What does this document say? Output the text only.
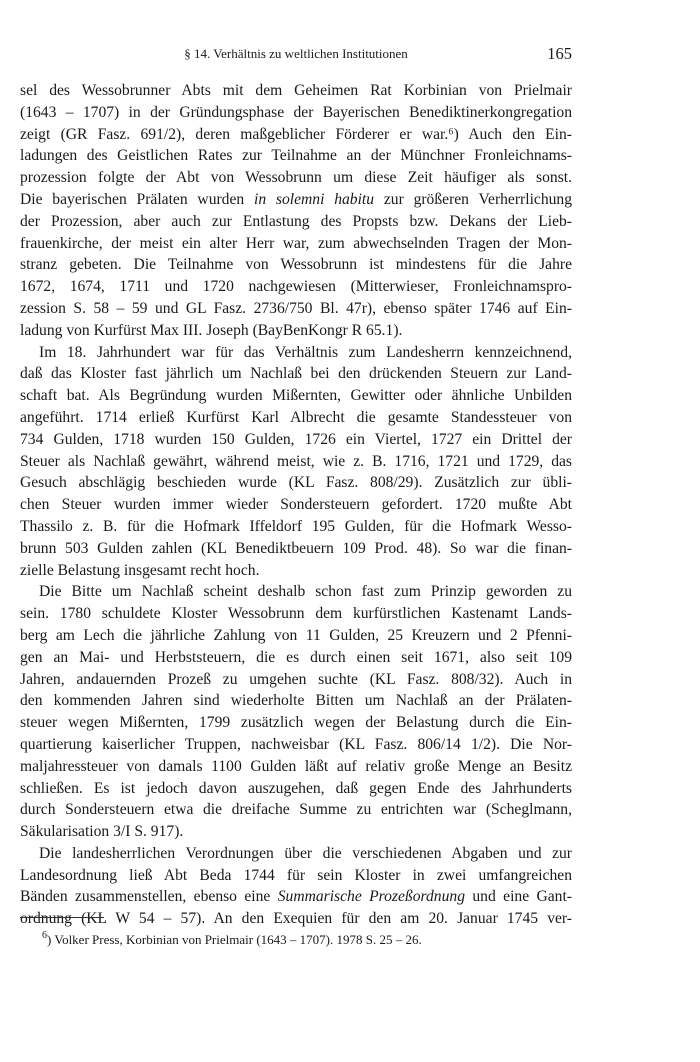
§ 14. Verhältnis zu weltlichen Institutionen	165
sel des Wessobrunner Abts mit dem Geheimen Rat Korbinian von Prielmair
(1643 – 1707) in der Gründungsphase der Bayerischen Benediktinerkongregation
zeigt (GR Fasz. 691/2), deren maßgeblicher Förderer er war.⁶) Auch den Ein-
ladungen des Geistlichen Rates zur Teilnahme an der Münchner Fronleichnams-
prozession folgte der Abt von Wessobrunn um diese Zeit häufiger als sonst.
Die bayerischen Prälaten wurden in solemni habitu zur größeren Verherrlichung
der Prozession, aber auch zur Entlastung des Propsts bzw. Dekans der Lieb-
frauenkirche, der meist ein alter Herr war, zum abwechselnden Tragen der Mon-
stranz gebeten. Die Teilnahme von Wessobrunn ist mindestens für die Jahre
1672, 1674, 1711 und 1720 nachgewiesen (Mitterwieser, Fronleichnamspro-
zession S. 58 – 59 und GL Fasz. 2736/750 Bl. 47r), ebenso später 1746 auf Ein-
ladung von Kurfürst Max III. Joseph (BayBenKongr R 65.1).
Im 18. Jahrhundert war für das Verhältnis zum Landesherrn kennzeichnend,
daß das Kloster fast jährlich um Nachlaß bei den drückenden Steuern zur Land-
schaft bat. Als Begründung wurden Mißernten, Gewitter oder ähnliche Unbilden
angeführt. 1714 erließ Kurfürst Karl Albrecht die gesamte Standessteuer von
734 Gulden, 1718 wurden 150 Gulden, 1726 ein Viertel, 1727 ein Drittel der
Steuer als Nachlaß gewährt, während meist, wie z. B. 1716, 1721 und 1729, das
Gesuch abschlägig beschieden wurde (KL Fasz. 808/29). Zusätzlich zur übli-
chen Steuer wurden immer wieder Sondersteuern gefordert. 1720 mußte Abt
Thassilo z. B. für die Hofmark Iffeldorf 195 Gulden, für die Hofmark Wesso-
brunn 503 Gulden zahlen (KL Benediktbeuern 109 Prod. 48). So war die finan-
zielle Belastung insgesamt recht hoch.
Die Bitte um Nachlaß scheint deshalb schon fast zum Prinzip geworden zu
sein. 1780 schuldete Kloster Wessobrunn dem kurfürstlichen Kastenamt Lands-
berg am Lech die jährliche Zahlung von 11 Gulden, 25 Kreuzern und 2 Pfenni-
gen an Mai- und Herbststeuern, die es durch einen seit 1671, also seit 109
Jahren, andauernden Prozeß zu umgehen suchte (KL Fasz. 808/32). Auch in
den kommenden Jahren sind wiederholte Bitten um Nachlaß an der Prälaten-
steuer wegen Mißernten, 1799 zusätzlich wegen der Belastung durch die Ein-
quartierung kaiserlicher Truppen, nachweisbar (KL Fasz. 806/14 1/2). Die Nor-
maljahressteuer von damals 1100 Gulden läßt auf relativ große Menge an Besitz
schließen. Es ist jedoch davon auszugehen, daß gegen Ende des Jahrhunderts
durch Sondersteuern etwa die dreifache Summe zu entrichten war (Scheglmann,
Säkularisation 3/I S. 917).
Die landesherrlichen Verordnungen über die verschiedenen Abgaben und zur
Landesordnung ließ Abt Beda 1744 für sein Kloster in zwei umfangreichen
Bänden zusammenstellen, ebenso eine Summarische Prozeßordnung und eine Gant-
ordnung (KL W 54 – 57). An den Exequien für den am 20. Januar 1745 ver-
$^6$) Volker Press, Korbinian von Prielmair (1643 – 1707). 1978 S. 25 – 26.
